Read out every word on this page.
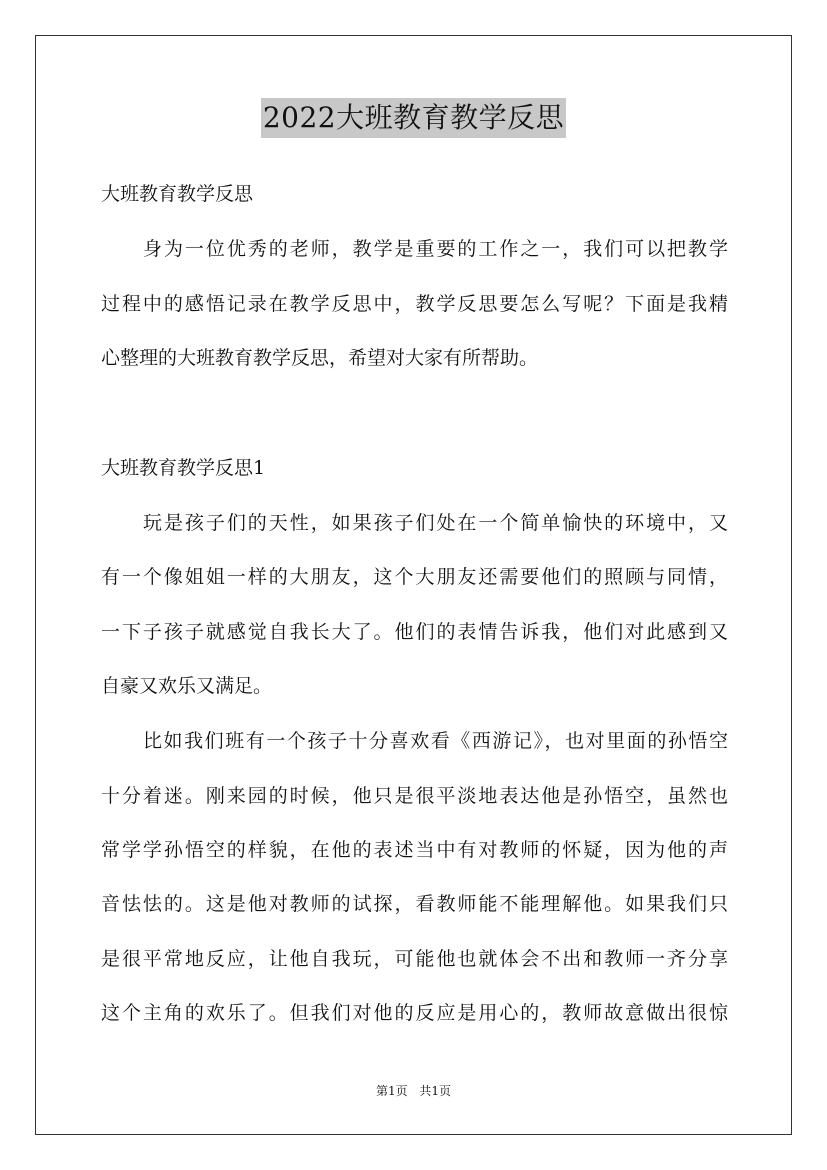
2022大班教育教学反思
大班教育教学反思
身为一位优秀的老师，教学是重要的工作之一，我们可以把教学
过程中的感悟记录在教学反思中，教学反思要怎么写呢？下面是我精
心整理的大班教育教学反思，希望对大家有所帮助。
大班教育教学反思1
玩是孩子们的天性，如果孩子们处在一个简单愉快的环境中，又
有一个像姐姐一样的大朋友，这个大朋友还需要他们的照顾与同情，
一下子孩子就感觉自我长大了。他们的表情告诉我，他们对此感到又
自豪又欢乐又满足。
比如我们班有一个孩子十分喜欢看《西游记》，也对里面的孙悟空
十分着迷。刚来园的时候，他只是很平淡地表达他是孙悟空，虽然也
常学学孙悟空的样貌，在他的表述当中有对教师的怀疑，因为他的声
音怯怯的。这是他对教师的试探，看教师能不能理解他。如果我们只
是很平常地反应，让他自我玩，可能他也就体会不出和教师一齐分享
这个主角的欢乐了。但我们对他的反应是用心的，教师故意做出很惊
第1页 共1页
